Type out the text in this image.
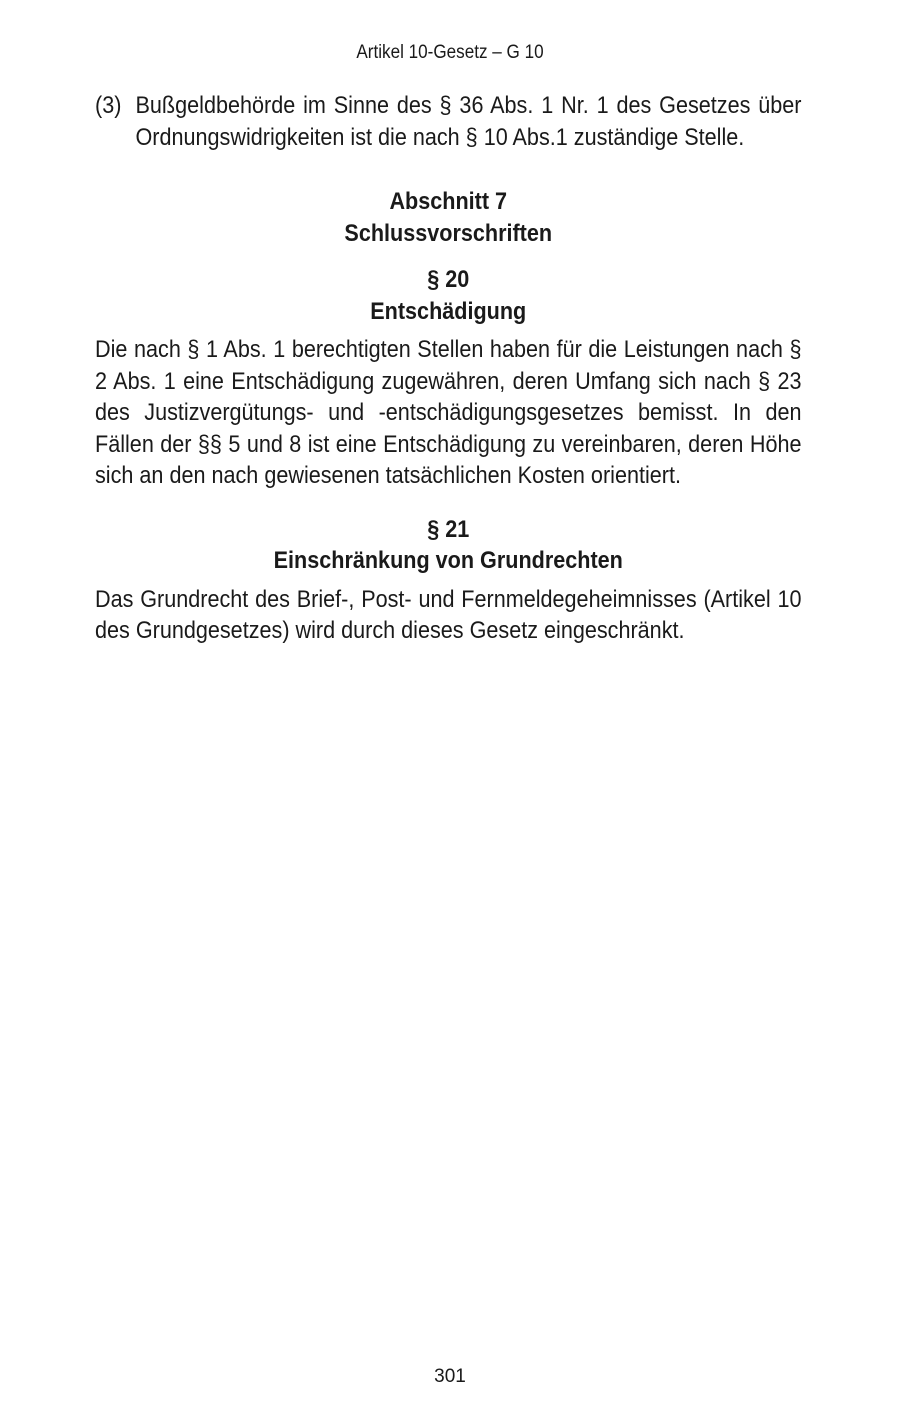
Artikel 10-Gesetz – G 10
(3) Bußgeldbehörde im Sinne des § 36 Abs. 1 Nr. 1 des Gesetzes über Ordnungswidrigkeiten ist die nach § 10 Abs.1 zuständige Stelle.
Abschnitt 7
Schlussvorschriften
§ 20
Entschädigung

Die nach § 1 Abs. 1 berechtigten Stellen haben für die Leistungen nach § 2 Abs. 1 eine Entschädigung zugewähren, deren Umfang sich nach § 23 des Justizvergütungs- und -entschädigungsgesetzes bemisst. In den Fällen der §§ 5 und 8 ist eine Entschädigung zu vereinbaren, deren Höhe sich an den nach gewiesenen tatsächlichen Kosten orientiert.

§ 21
Einschränkung von Grundrechten

Das Grundrecht des Brief-, Post- und Fernmeldegeheimnisses (Artikel 10 des Grundgesetzes) wird durch dieses Gesetz eingeschränkt.

301
